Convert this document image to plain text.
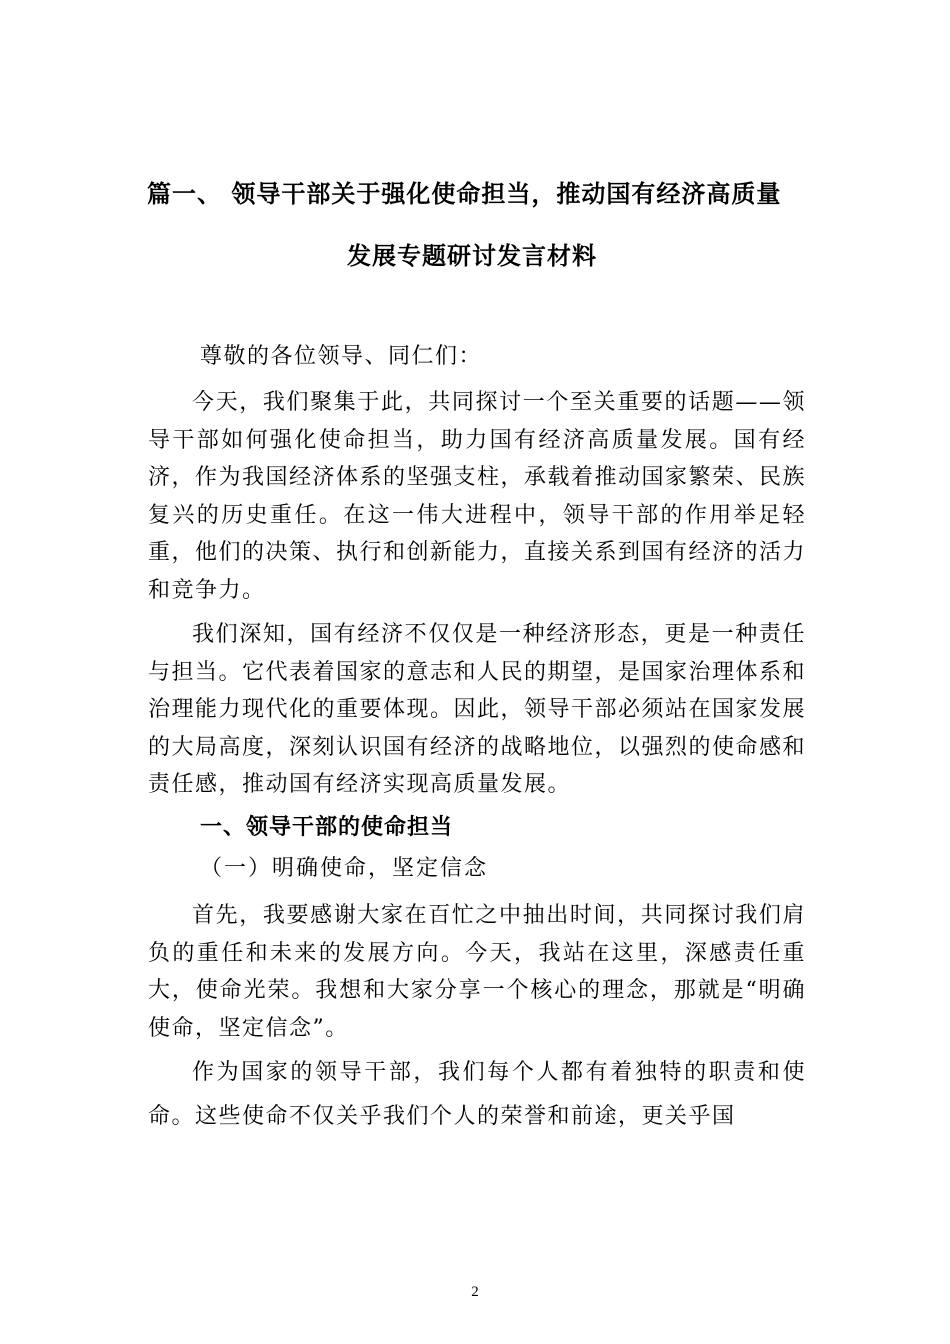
篇一、 领导干部关于强化使命担当，推动国有经济高质量
发展专题研讨发言材料
尊敬的各位领导、同仁们：

今天，我们聚集于此，共同探讨一个至关重要的话题——领导干部如何强化使命担当，助力国有经济高质量发展。国有经济，作为我国经济体系的坚强支柱，承载着推动国家繁荣、民族复兴的历史重任。在这一伟大进程中，领导干部的作用举足轻重，他们的决策、执行和创新能力，直接关系到国有经济的活力和竞争力。

我们深知，国有经济不仅仅是一种经济形态，更是一种责任与担当。它代表着国家的意志和人民的期望，是国家治理体系和治理能力现代化的重要体现。因此，领导干部必须站在国家发展的大局高度，深刻认识国有经济的战略地位，以强烈的使命感和责任感，推动国有经济实现高质量发展。

一、领导干部的使命担当
（一）明确使命，坚定信念

首先，我要感谢大家在百忙之中抽出时间，共同探讨我们肩负的重任和未来的发展方向。今天，我站在这里，深感责任重大，使命光荣。我想和大家分享一个核心的理念，那就是“明确使命，坚定信念”。

作为国家的领导干部，我们每个人都有着独特的职责和使命。这些使命不仅关乎我们个人的荣誉和前途，更关乎国

2
